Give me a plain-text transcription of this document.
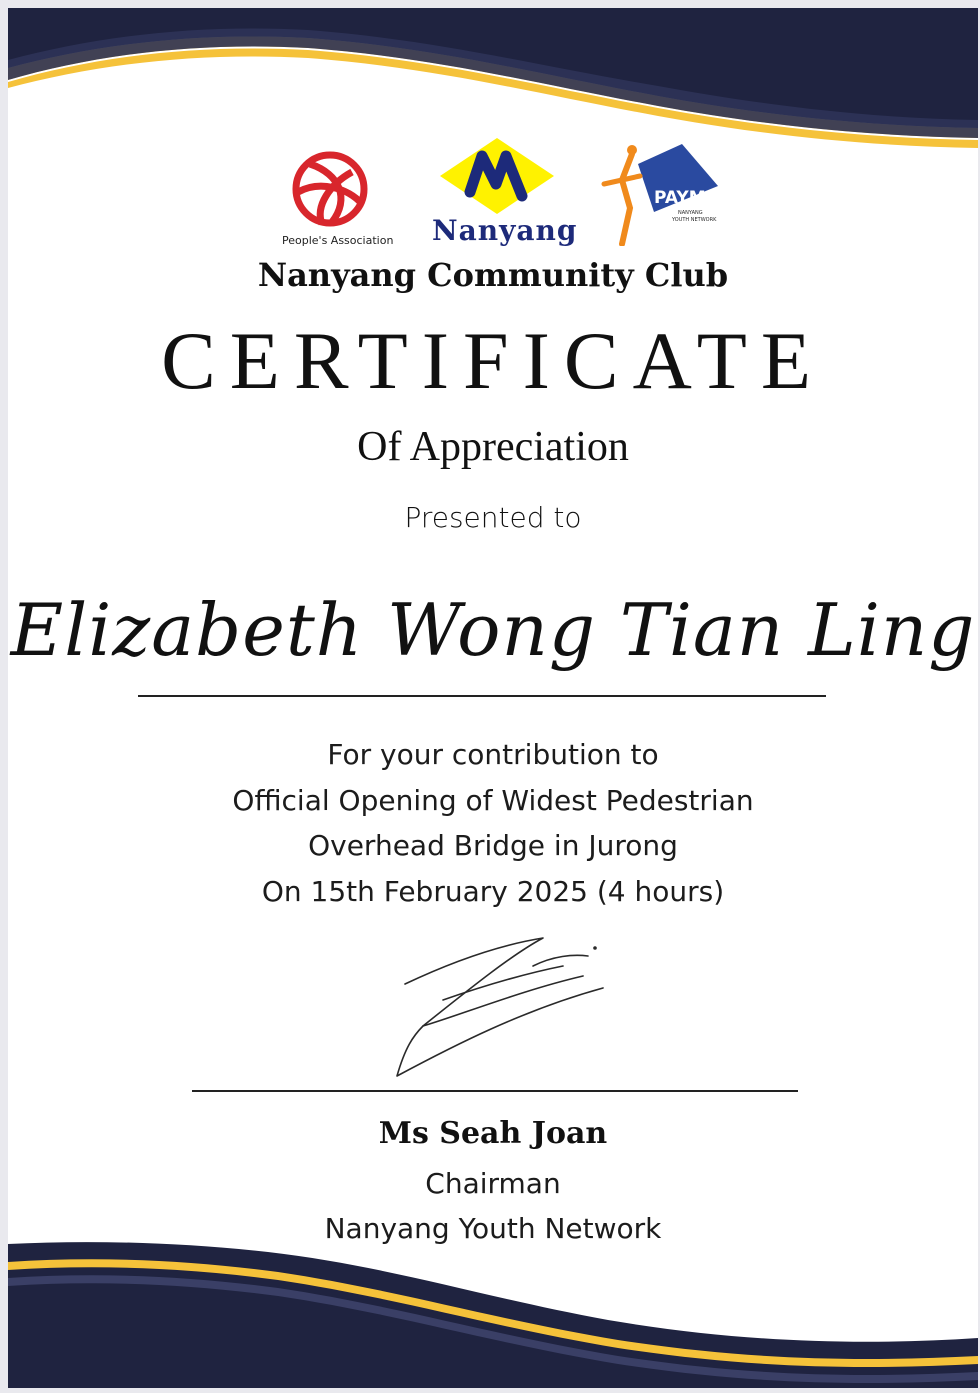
People's Association Nanyang
PAYM
NANYANG
YOUTH NETWORK
Nanyang Community Club
CERTIFICATE
Of Appreciation
Presented to
Elizabeth Wong Tian Ling
For your contribution to
Official Opening of Widest Pedestrian
Overhead Bridge in Jurong
On 15th February 2025 (4 hours)
Ms Seah Joan
Chairman
Nanyang Youth Network
